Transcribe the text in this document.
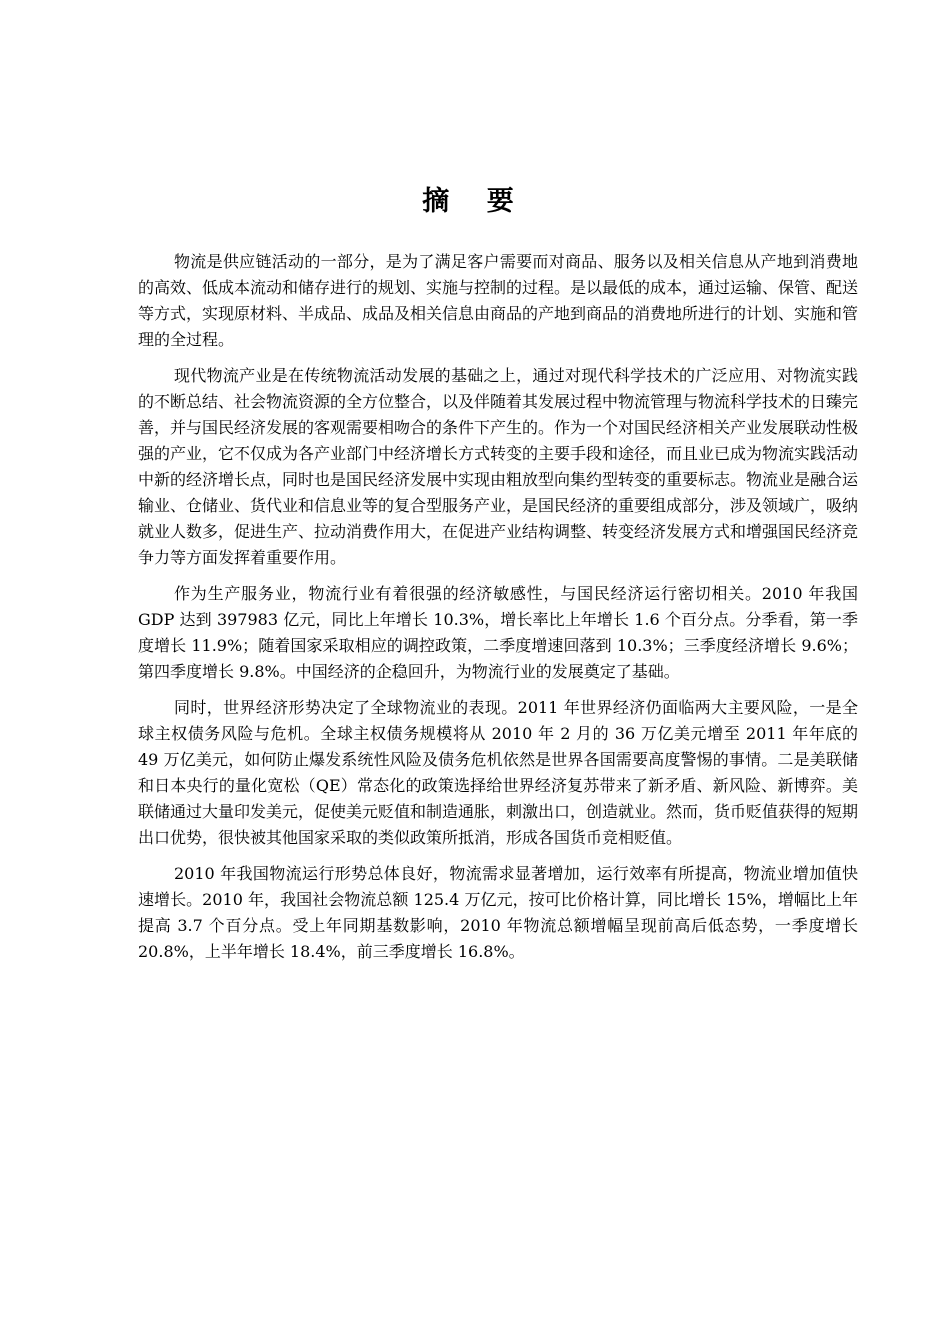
摘 要

物流是供应链活动的一部分，是为了满足客户需要而对商品、服务以及相关信息从产地到消费地的高效、低成本流动和储存进行的规划、实施与控制的过程。是以最低的成本，通过运输、保管、配送等方式，实现原材料、半成品、成品及相关信息由商品的产地到商品的消费地所进行的计划、实施和管理的全过程。

现代物流产业是在传统物流活动发展的基础之上，通过对现代科学技术的广泛应用、对物流实践的不断总结、社会物流资源的全方位整合，以及伴随着其发展过程中物流管理与物流科学技术的日臻完善，并与国民经济发展的客观需要相吻合的条件下产生的。作为一个对国民经济相关产业发展联动性极强的产业，它不仅成为各产业部门中经济增长方式转变的主要手段和途径，而且业已成为物流实践活动中新的经济增长点，同时也是国民经济发展中实现由粗放型向集约型转变的重要标志。物流业是融合运输业、仓储业、货代业和信息业等的复合型服务产业，是国民经济的重要组成部分，涉及领域广，吸纳就业人数多，促进生产、拉动消费作用大，在促进产业结构调整、转变经济发展方式和增强国民经济竞争力等方面发挥着重要作用。

作为生产服务业，物流行业有着很强的经济敏感性，与国民经济运行密切相关。2010 年我国 GDP 达到 397983 亿元，同比上年增长 10.3%，增长率比上年增长 1.6 个百分点。分季看，第一季度增长 11.9%；随着国家采取相应的调控政策，二季度增速回落到 10.3%；三季度经济增长 9.6%；第四季度增长 9.8%。中国经济的企稳回升，为物流行业的发展奠定了基础。

同时，世界经济形势决定了全球物流业的表现。2011 年世界经济仍面临两大主要风险，一是全球主权债务风险与危机。全球主权债务规模将从 2010 年 2 月的 36 万亿美元增至 2011 年年底的 49 万亿美元，如何防止爆发系统性风险及债务危机依然是世界各国需要高度警惕的事情。二是美联储和日本央行的量化宽松（QE）常态化的政策选择给世界经济复苏带来了新矛盾、新风险、新博弈。美联储通过大量印发美元，促使美元贬值和制造通胀，刺激出口，创造就业。然而，货币贬值获得的短期出口优势，很快被其他国家采取的类似政策所抵消，形成各国货币竞相贬值。

2010 年我国物流运行形势总体良好，物流需求显著增加，运行效率有所提高，物流业增加值快速增长。2010 年，我国社会物流总额 125.4 万亿元，按可比价格计算，同比增长 15%，增幅比上年提高 3.7 个百分点。受上年同期基数影响，2010 年物流总额增幅呈现前高后低态势，一季度增长 20.8%，上半年增长 18.4%，前三季度增长 16.8%。
